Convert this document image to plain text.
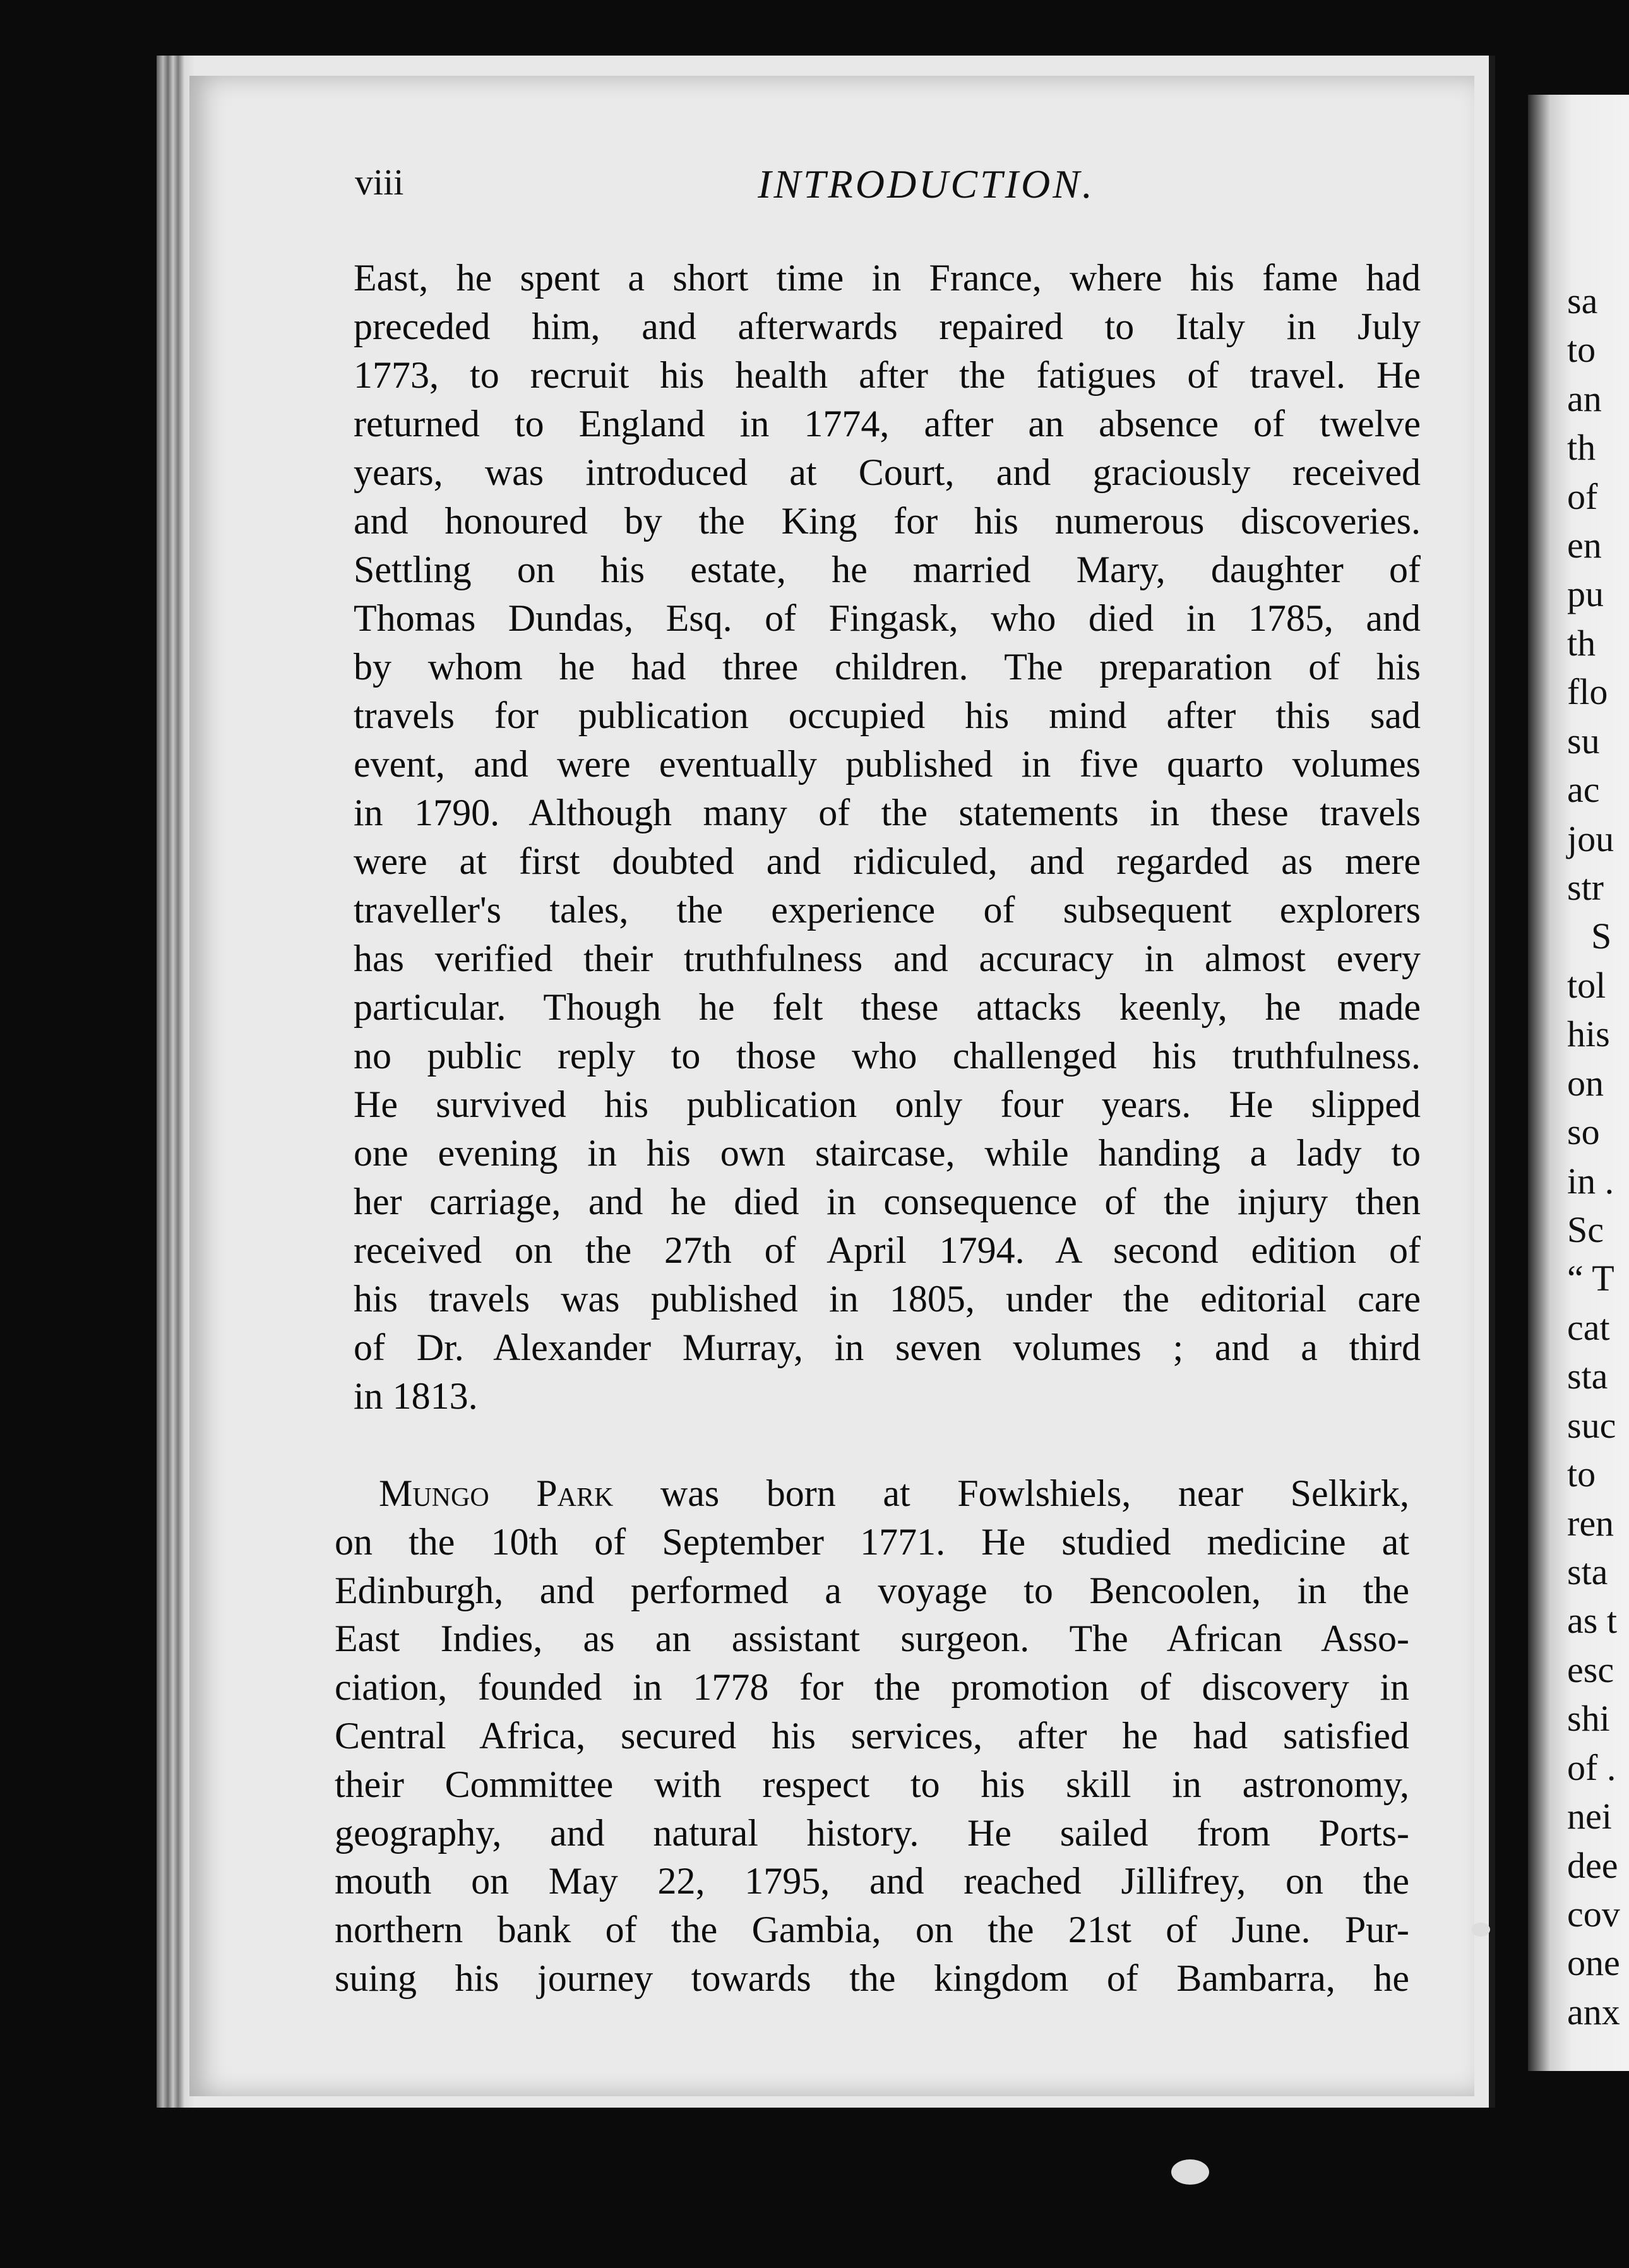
sa
to
an
th
of
en
pu
th
flo
su
ac
jou
str
S
tol
his
on
so
in .
Sc
“ T
cat
sta
suc
to
ren
sta
as t
esc
shi
of .
nei
dee
cov
one
anx
viii	INTRODUCTION.
East, he spent a short time in France, where his fame had
preceded him, and afterwards repaired to Italy in July
1773, to recruit his health after the fatigues of travel. He
returned to England in 1774, after an absence of twelve
years, was introduced at Court, and graciously received
and honoured by the King for his numerous discoveries.
Settling on his estate, he married Mary, daughter of
Thomas Dundas, Esq. of Fingask, who died in 1785, and
by whom he had three children. The preparation of his
travels for publication occupied his mind after this sad
event, and were eventually published in five quarto volumes
in 1790. Although many of the statements in these travels
were at first doubted and ridiculed, and regarded as mere
traveller's tales, the experience of subsequent explorers
has verified their truthfulness and accuracy in almost every
particular. Though he felt these attacks keenly, he made
no public reply to those who challenged his truthfulness.
He survived his publication only four years. He slipped
one evening in his own staircase, while handing a lady to
her carriage, and he died in consequence of the injury then
received on the 27th of April 1794. A second edition of
his travels was published in 1805, under the editorial care
of Dr. Alexander Murray, in seven volumes ; and a third
in 1813.
Mungo Park was born at Fowlshiels, near Selkirk,
on the 10th of September 1771. He studied medicine at
Edinburgh, and performed a voyage to Bencoolen, in the
East Indies, as an assistant surgeon. The African Asso-
ciation, founded in 1778 for the promotion of discovery in
Central Africa, secured his services, after he had satisfied
their Committee with respect to his skill in astronomy,
geography, and natural history. He sailed from Ports-
mouth on May 22, 1795, and reached Jillifrey, on the
northern bank of the Gambia, on the 21st of June. Pur-
suing his journey towards the kingdom of Bambarra, he
